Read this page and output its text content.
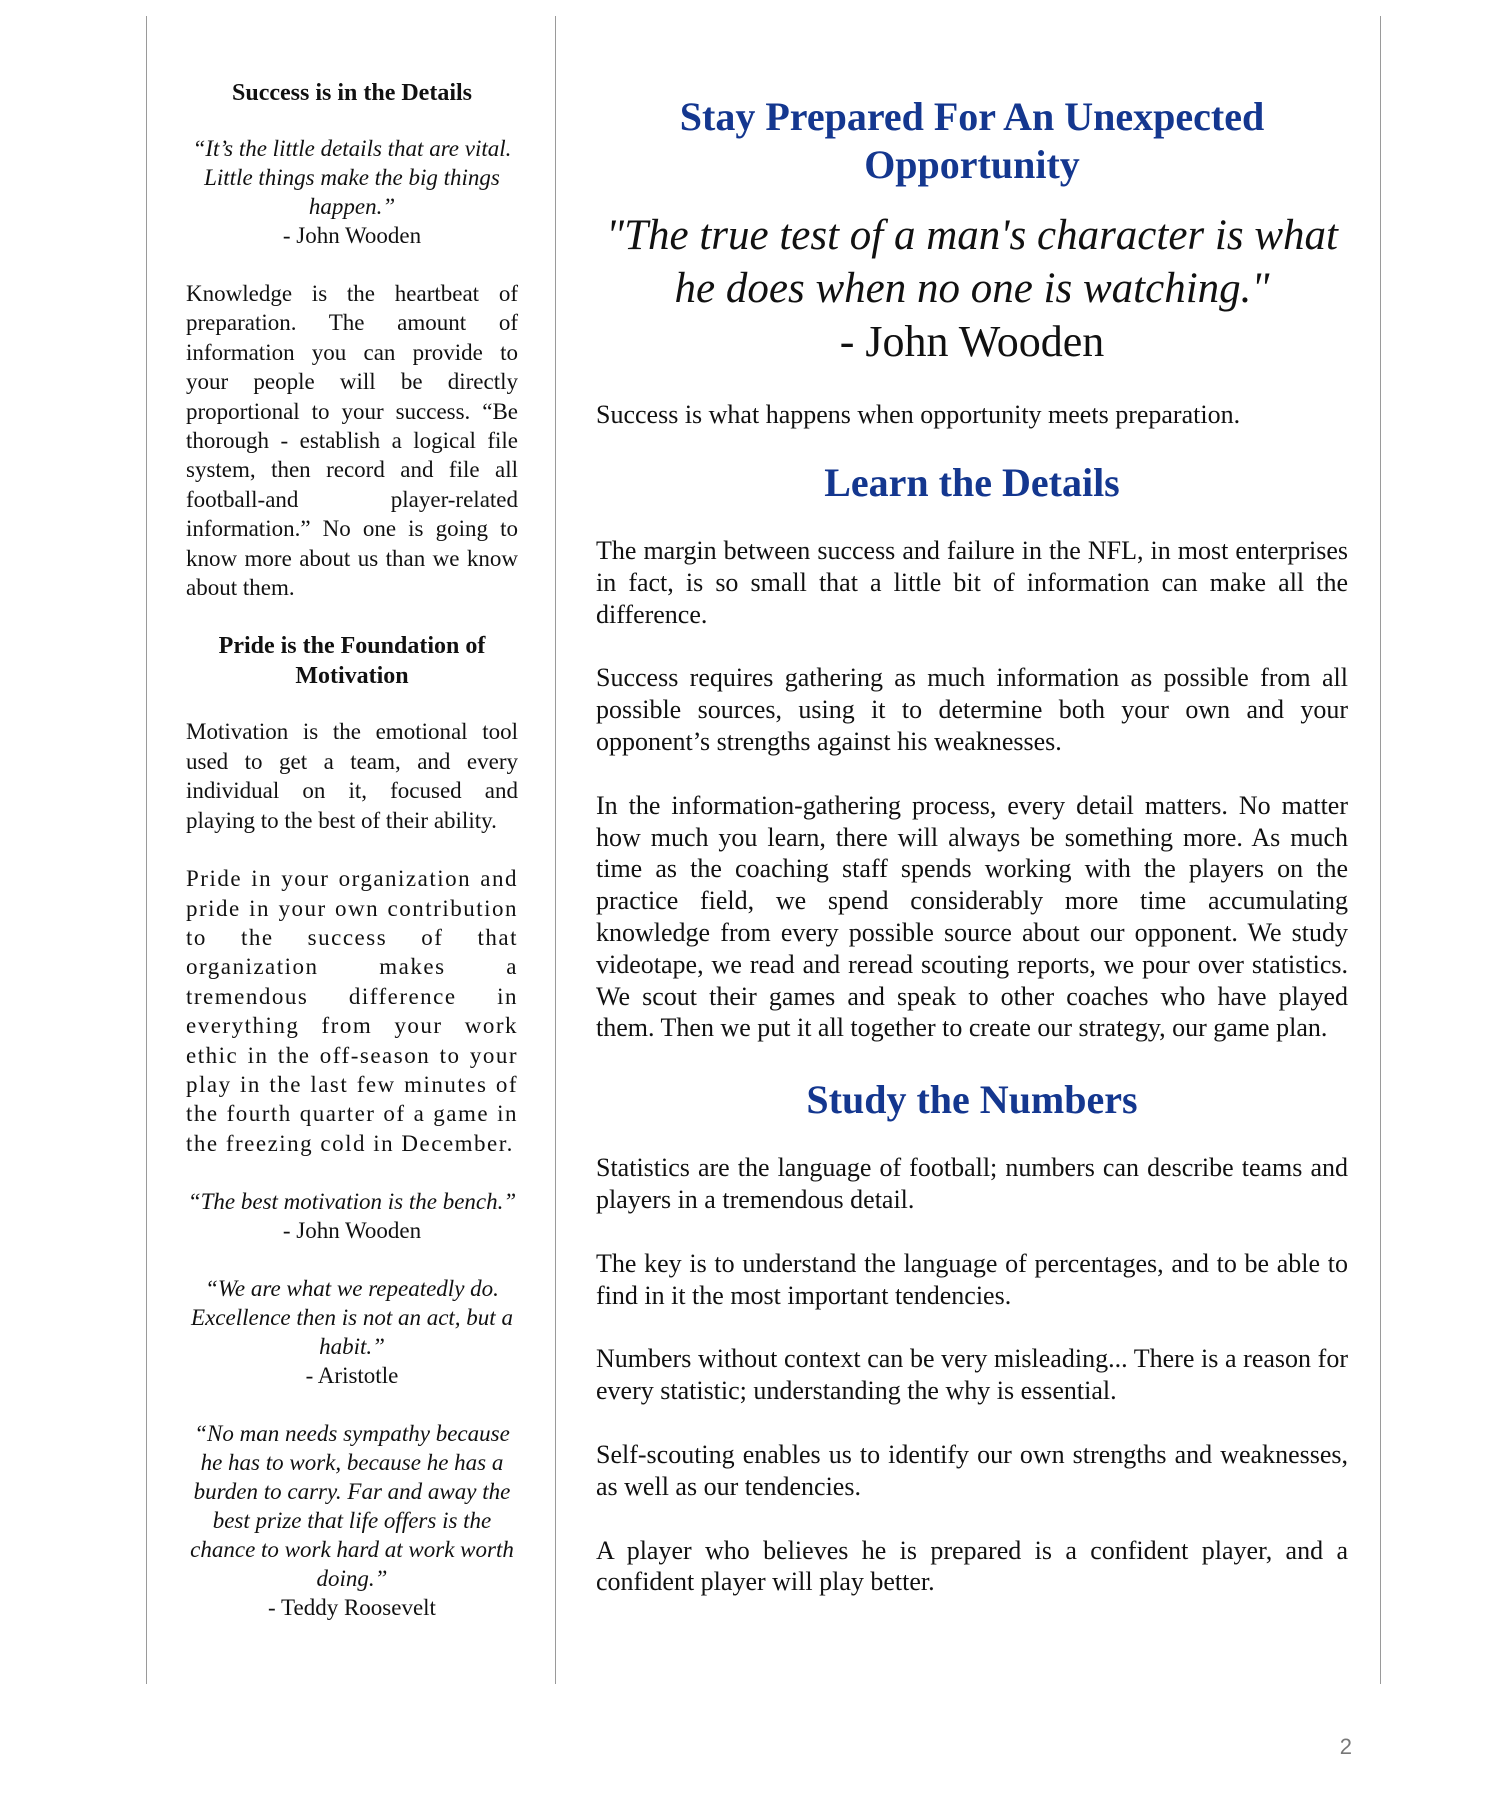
Success is in the Details
“It’s the little details that are vital. Little things make the big things happen.”
- John Wooden

Knowledge is the heartbeat of preparation. The amount of information you can provide to your people will be directly proportional to your success. “Be thorough - establish a logical file system, then record and file all football-and player-related information.” No one is going to know more about us than we know about them.

Pride is the Foundation of Motivation

Motivation is the emotional tool used to get a team, and every individual on it, focused and playing to the best of their ability.

Pride in your organization and pride in your own contribution to the success of that organization makes a tremendous difference in everything from your work ethic in the off-season to your play in the last few minutes of the fourth quarter of a game in the freezing cold in December.

“The best motivation is the bench.”
- John Wooden
“We are what we repeatedly do. Excellence then is not an act, but a habit.”
- Aristotle
“No man needs sympathy because he has to work, because he has a burden to carry. Far and away the best prize that life offers is the chance to work hard at work worth doing.”
- Teddy Roosevelt
Stay Prepared For An Unexpected Opportunity
"The true test of a man's character is what he does when no one is watching."
- John Wooden

Success is what happens when opportunity meets preparation.

Learn the Details

The margin between success and failure in the NFL, in most enterprises in fact, is so small that a little bit of information can make all the difference.

Success requires gathering as much information as possible from all possible sources, using it to determine both your own and your opponent’s strengths against his weaknesses.

In the information-gathering process, every detail matters. No matter how much you learn, there will always be something more. As much time as the coaching staff spends working with the players on the practice field, we spend considerably more time accumulating knowledge from every possible source about our opponent. We study videotape, we read and reread scouting reports, we pour over statistics. We scout their games and speak to other coaches who have played them. Then we put it all together to create our strategy, our game plan.

Study the Numbers

Statistics are the language of football; numbers can describe teams and players in a tremendous detail.

The key is to understand the language of percentages, and to be able to find in it the most important tendencies.

Numbers without context can be very misleading... There is a reason for every statistic; understanding the why is essential.

Self-scouting enables us to identify our own strengths and weaknesses, as well as our tendencies.

A player who believes he is prepared is a confident player, and a confident player will play better.

2
